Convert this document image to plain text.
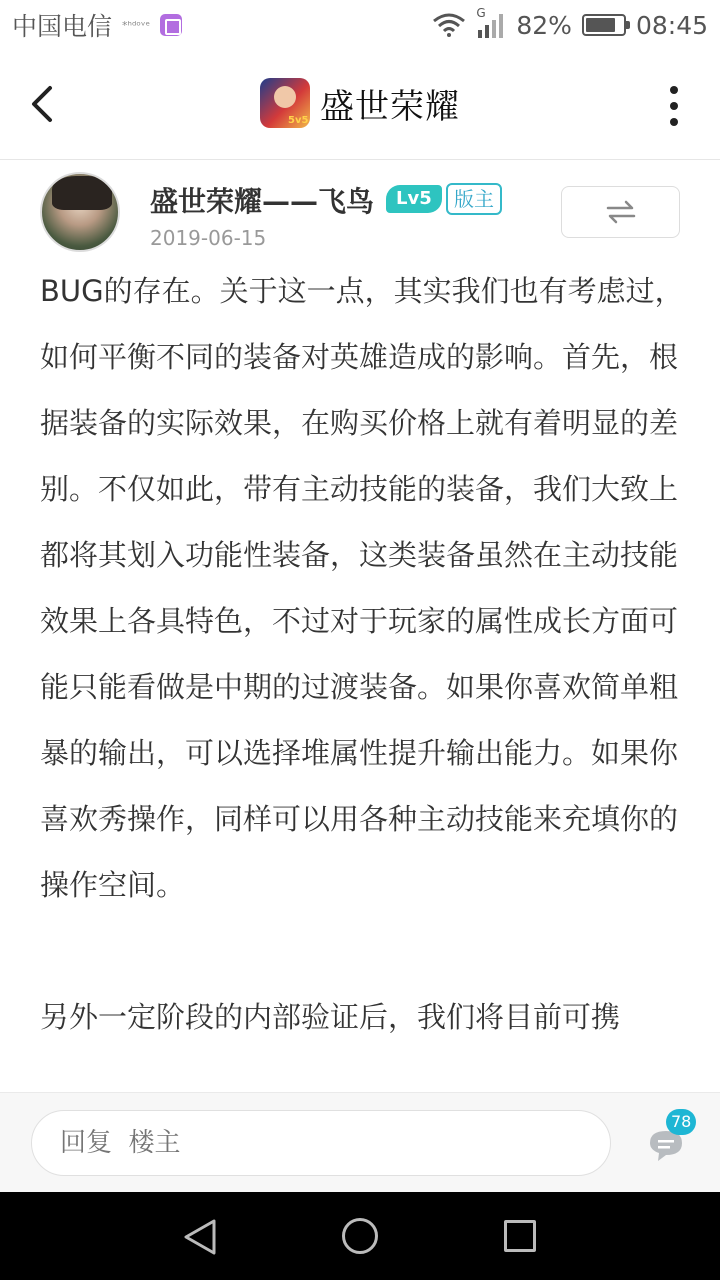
中国电信 *ʰᵈᵒᵛᵉ
G 82%	08:45
5v5
盛世荣耀
盛世荣耀——飞鸟	Lv5	版主
2019-06-15

BUG的存在。关于这一点，其实我们也有考虑过，如何平衡不同的装备对英雄造成的影响。首先，根据装备的实际效果，在购买价格上就有着明显的差别。不仅如此，带有主动技能的装备，我们大致上都将其划入功能性装备，这类装备虽然在主动技能效果上各具特色，不过对于玩家的属性成长方面可能只能看做是中期的过渡装备。如果你喜欢简单粗暴的输出，可以选择堆属性提升输出能力。如果你喜欢秀操作，同样可以用各种主动技能来充填你的操作空间。

另外一定阶段的内部验证后，我们将目前可携

回复 楼主
78
